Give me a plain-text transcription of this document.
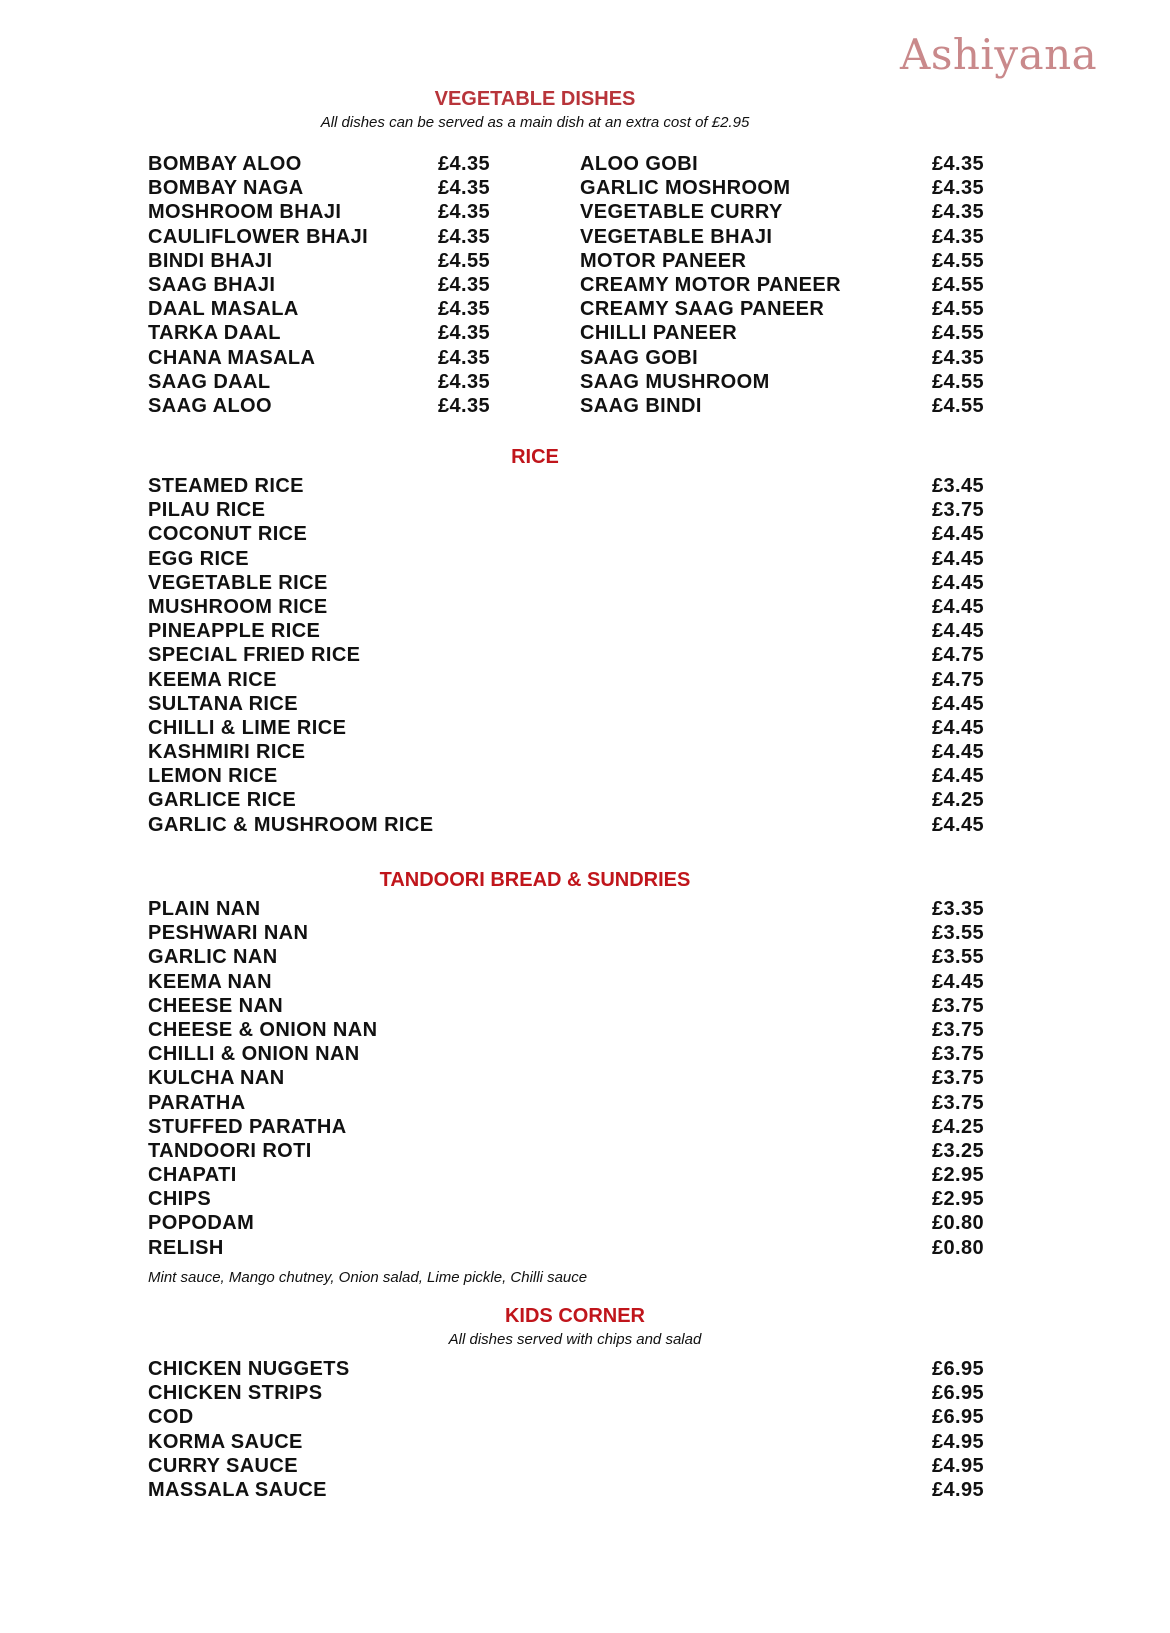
Ashiyana
VEGETABLE DISHES
All dishes can be served as a main dish at an extra cost of £2.95
BOMBAY ALOO	£4.35
BOMBAY NAGA	£4.35
MOSHROOM BHAJI	£4.35
CAULIFLOWER BHAJI	£4.35
BINDI BHAJI	£4.55
SAAG BHAJI	£4.35
DAAL MASALA	£4.35
TARKA DAAL	£4.35
CHANA MASALA	£4.35
SAAG DAAL	£4.35
SAAG ALOO	£4.35
ALOO GOBI	£4.35
GARLIC MOSHROOM	£4.35
VEGETABLE CURRY	£4.35
VEGETABLE BHAJI	£4.35
MOTOR PANEER	£4.55
CREAMY MOTOR PANEER	£4.55
CREAMY SAAG PANEER	£4.55
CHILLI PANEER	£4.55
SAAG GOBI	£4.35
SAAG MUSHROOM	£4.55
SAAG BINDI	£4.55
RICE
STEAMED RICE	£3.45
PILAU RICE	£3.75
COCONUT RICE	£4.45
EGG RICE	£4.45
VEGETABLE RICE	£4.45
MUSHROOM RICE	£4.45
PINEAPPLE RICE	£4.45
SPECIAL FRIED RICE	£4.75
KEEMA RICE	£4.75
SULTANA RICE	£4.45
CHILLI & LIME RICE	£4.45
KASHMIRI RICE	£4.45
LEMON RICE	£4.45
GARLICE RICE	£4.25
GARLIC & MUSHROOM RICE	£4.45
TANDOORI BREAD & SUNDRIES
PLAIN NAN	£3.35
PESHWARI NAN	£3.55
GARLIC NAN	£3.55
KEEMA NAN	£4.45
CHEESE NAN	£3.75
CHEESE & ONION NAN	£3.75
CHILLI & ONION NAN	£3.75
KULCHA NAN	£3.75
PARATHA	£3.75
STUFFED PARATHA	£4.25
TANDOORI ROTI	£3.25
CHAPATI	£2.95
CHIPS	£2.95
POPODAM	£0.80
RELISH	£0.80
Mint sauce, Mango chutney, Onion salad, Lime pickle, Chilli sauce
KIDS CORNER
All dishes served with chips and salad
CHICKEN NUGGETS	£6.95
CHICKEN STRIPS	£6.95
COD	£6.95
KORMA SAUCE	£4.95
CURRY SAUCE	£4.95
MASSALA SAUCE	£4.95
